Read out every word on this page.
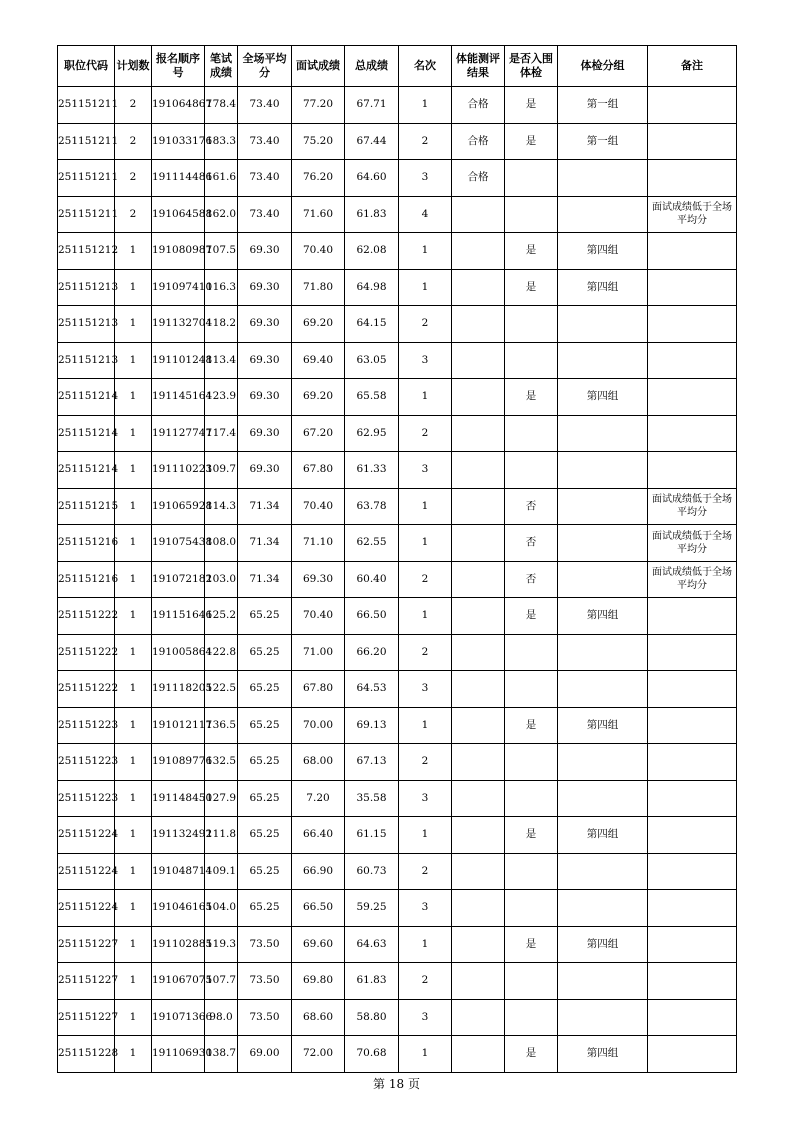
职位代码	计划数	报名顺序号	笔试成绩	全场平均分	面试成绩	总成绩	名次	体能测评结果	是否入围体检	体检分组	备注
251151211	2	191064867	178.4	73.40	77.20	67.71	1	合格	是	第一组	
251151211	2	191033176	183.3	73.40	75.20	67.44	2	合格	是	第一组	
251151211	2	191114486	161.6	73.40	76.20	64.60	3	合格			
251151211	2	191064588	162.0	73.40	71.60	61.83	4				面试成绩低于全场平均分
251151212	1	191080987	107.5	69.30	70.40	62.08	1		是	第四组	
251151213	1	191097410	116.3	69.30	71.80	64.98	1		是	第四组	
251151213	1	191132704	118.2	69.30	69.20	64.15	2				
251151213	1	191101248	113.4	69.30	69.40	63.05	3				
251151214	1	191145164	123.9	69.30	69.20	65.58	1		是	第四组	
251151214	1	191127747	117.4	69.30	67.20	62.95	2				
251151214	1	191110223	109.7	69.30	67.80	61.33	3				
251151215	1	191065928	114.3	71.34	70.40	63.78	1		否		面试成绩低于全场平均分
251151216	1	191075438	108.0	71.34	71.10	62.55	1		否		面试成绩低于全场平均分
251151216	1	191072182	103.0	71.34	69.30	60.40	2		否		面试成绩低于全场平均分
251151222	1	191151646	125.2	65.25	70.40	66.50	1		是	第四组	
251151222	1	191005864	122.8	65.25	71.00	66.20	2				
251151222	1	191118205	122.5	65.25	67.80	64.53	3				
251151223	1	191012117	136.5	65.25	70.00	69.13	1		是	第四组	
251151223	1	191089776	132.5	65.25	68.00	67.13	2				
251151223	1	191148450	127.9	65.25	7.20	35.58	3				
251151224	1	191132492	111.8	65.25	66.40	61.15	1		是	第四组	
251151224	1	191048714	109.1	65.25	66.90	60.73	2				
251151224	1	191046165	104.0	65.25	66.50	59.25	3				
251151227	1	191102885	119.3	73.50	69.60	64.63	1		是	第四组	
251151227	1	191067075	107.7	73.50	69.80	61.83	2				
251151227	1	191071366	98.0	73.50	68.60	58.80	3				
251151228	1	191106930	138.7	69.00	72.00	70.68	1		是	第四组	
第 18 页
